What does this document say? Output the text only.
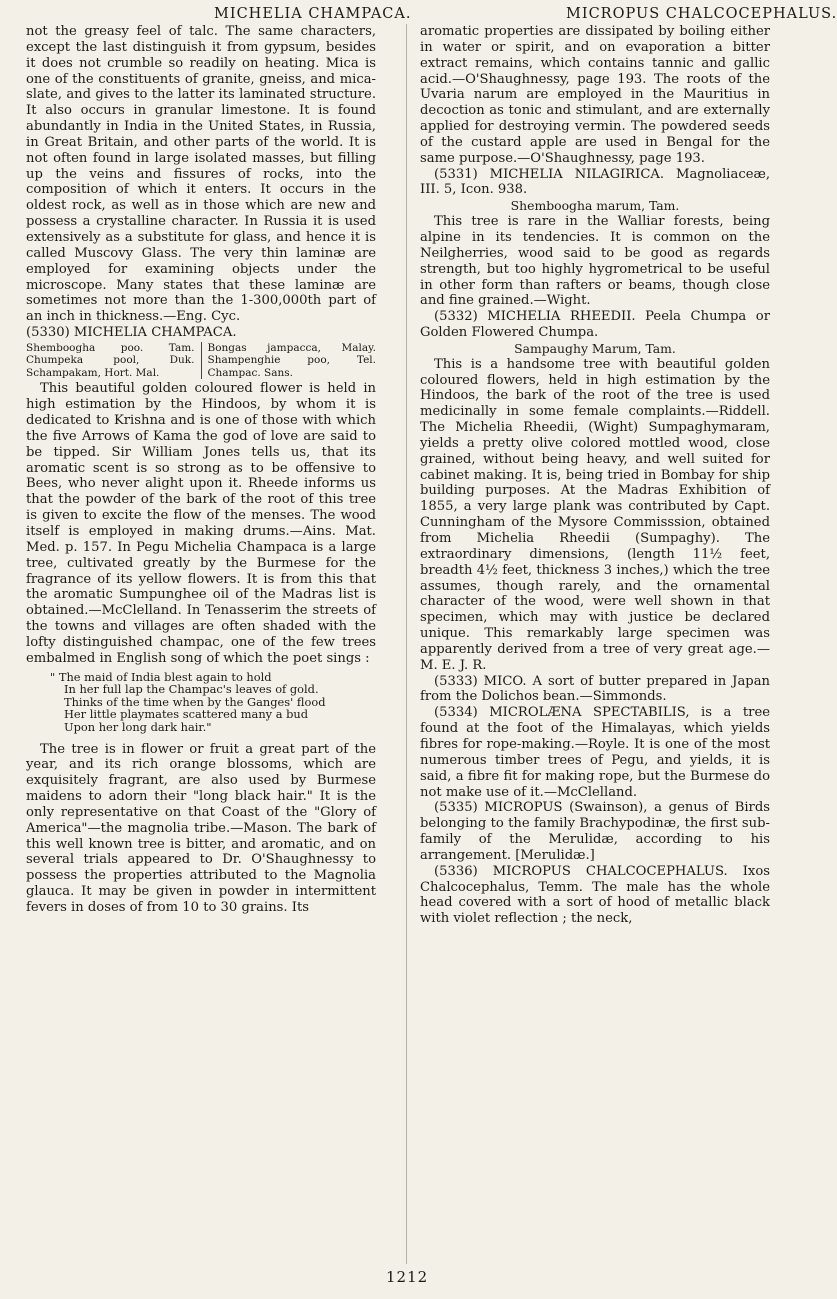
MICHELIA CHAMPACA.	MICROPUS CHALCOCEPHALUS.

not the greasy feel of talc. The same characters, except the last distinguish it from gypsum, besides it does not crumble so readily on heating. Mica is one of the constituents of granite, gneiss, and mica-slate, and gives to the latter its laminated structure. It also occurs in granular limestone. It is found abundantly in India in the United States, in Russia, in Great Britain, and other parts of the world. It is not often found in large isolated masses, but filling up the veins and fissures of rocks, into the composition of which it enters. It occurs in the oldest rock, as well as in those which are new and possess a crystalline character. In Russia it is used extensively as a substitute for glass, and hence it is called Muscovy Glass. The very thin laminæ are employed for examining objects under the microscope. Many states that these laminæ are sometimes not more than the 1-300,000th part of an inch in thickness.—Eng. Cyc.

(5330) MICHELIA CHAMPACA.

Shemboogha poo. Tam. Chumpeka pool, Duk. Schampakam, Hort. Mal.
Bongas jampacca, Malay. Shampenghie poo, Tel. Champac. Sans.

This beautiful golden coloured flower is held in high estimation by the Hindoos, by whom it is dedicated to Krishna and is one of those with which the five Arrows of Kama the god of love are said to be tipped. Sir William Jones tells us, that its aromatic scent is so strong as to be offensive to Bees, who never alight upon it. Rheede informs us that the powder of the bark of the root of this tree is given to excite the flow of the menses. The wood itself is employed in making drums.—Ains. Mat. Med. p. 157. In Pegu Michelia Champaca is a large tree, cultivated greatly by the Burmese for the fragrance of its yellow flowers. It is from this that the aromatic Sumpunghee oil of the Madras list is obtained.—McClelland. In Tenasserim the streets of the towns and villages are often shaded with the lofty distinguished champac, one of the few trees embalmed in English song of which the poet sings :

" The maid of India blest again to hold
In her full lap the Champac's leaves of gold.
Thinks of the time when by the Ganges' flood
Her little playmates scattered many a bud
Upon her long dark hair."

The tree is in flower or fruit a great part of the year, and its rich orange blossoms, which are exquisitely fragrant, are also used by Burmese maidens to adorn their "long black hair." It is the only representative on that Coast of the "Glory of America"—the magnolia tribe.—Mason. The bark of this well known tree is bitter, and aromatic, and on several trials appeared to Dr. O'Shaughnessy to possess the properties attributed to the Magnolia glauca. It may be given in powder in intermittent fevers in doses of from 10 to 30 grains. Its

aromatic properties are dissipated by boiling either in water or spirit, and on evaporation a bitter extract remains, which contains tannic and gallic acid.—O'Shaughnessy, page 193. The roots of the Uvaria narum are employed in the Mauritius in decoction as tonic and stimulant, and are externally applied for destroying vermin. The powdered seeds of the custard apple are used in Bengal for the same purpose.—O'Shaughnessy, page 193.

(5331) MICHELIA NILAGIRICA. Magnoliaceæ, III. 5, Icon. 938.

Shemboogha marum, Tam.

This tree is rare in the Walliar forests, being alpine in its tendencies. It is common on the Neilgherries, wood said to be good as regards strength, but too highly hygrometrical to be useful in other form than rafters or beams, though close and fine grained.—Wight.

(5332) MICHELIA RHEEDII. Peela Chumpa or Golden Flowered Chumpa.

Sampaughy Marum, Tam.

This is a handsome tree with beautiful golden coloured flowers, held in high estimation by the Hindoos, the bark of the root of the tree is used medicinally in some female complaints.—Riddell. The Michelia Rheedii, (Wight) Sumpaghymaram, yields a pretty olive colored mottled wood, close grained, without being heavy, and well suited for cabinet making. It is, being tried in Bombay for ship building purposes. At the Madras Exhibition of 1855, a very large plank was contributed by Capt. Cunningham of the Mysore Commisssion, obtained from Michelia Rheedii (Sumpaghy). The extraordinary dimensions, (length 11½ feet, breadth 4½ feet, thickness 3 inches,) which the tree assumes, though rarely, and the ornamental character of the wood, were well shown in that specimen, which may with justice be declared unique. This remarkably large specimen was apparently derived from a tree of very great age.—M. E. J. R.

(5333) MICO. A sort of butter prepared in Japan from the Dolichos bean.—Simmonds.

(5334) MICROLÆNA SPECTABILIS, is a tree found at the foot of the Himalayas, which yields fibres for rope-making.—Royle. It is one of the most numerous timber trees of Pegu, and yields, it is said, a fibre fit for making rope, but the Burmese do not make use of it.—McClelland.

(5335) MICROPUS (Swainson), a genus of Birds belonging to the family Brachypodinæ, the first sub-family of the Merulidæ, according to his arrangement. [Merulidæ.]

(5336) MICROPUS CHALCOCEPHALUS. Ixos Chalcocephalus, Temm. The male has the whole head covered with a sort of hood of metallic black with violet reflection ; the neck,

1212
